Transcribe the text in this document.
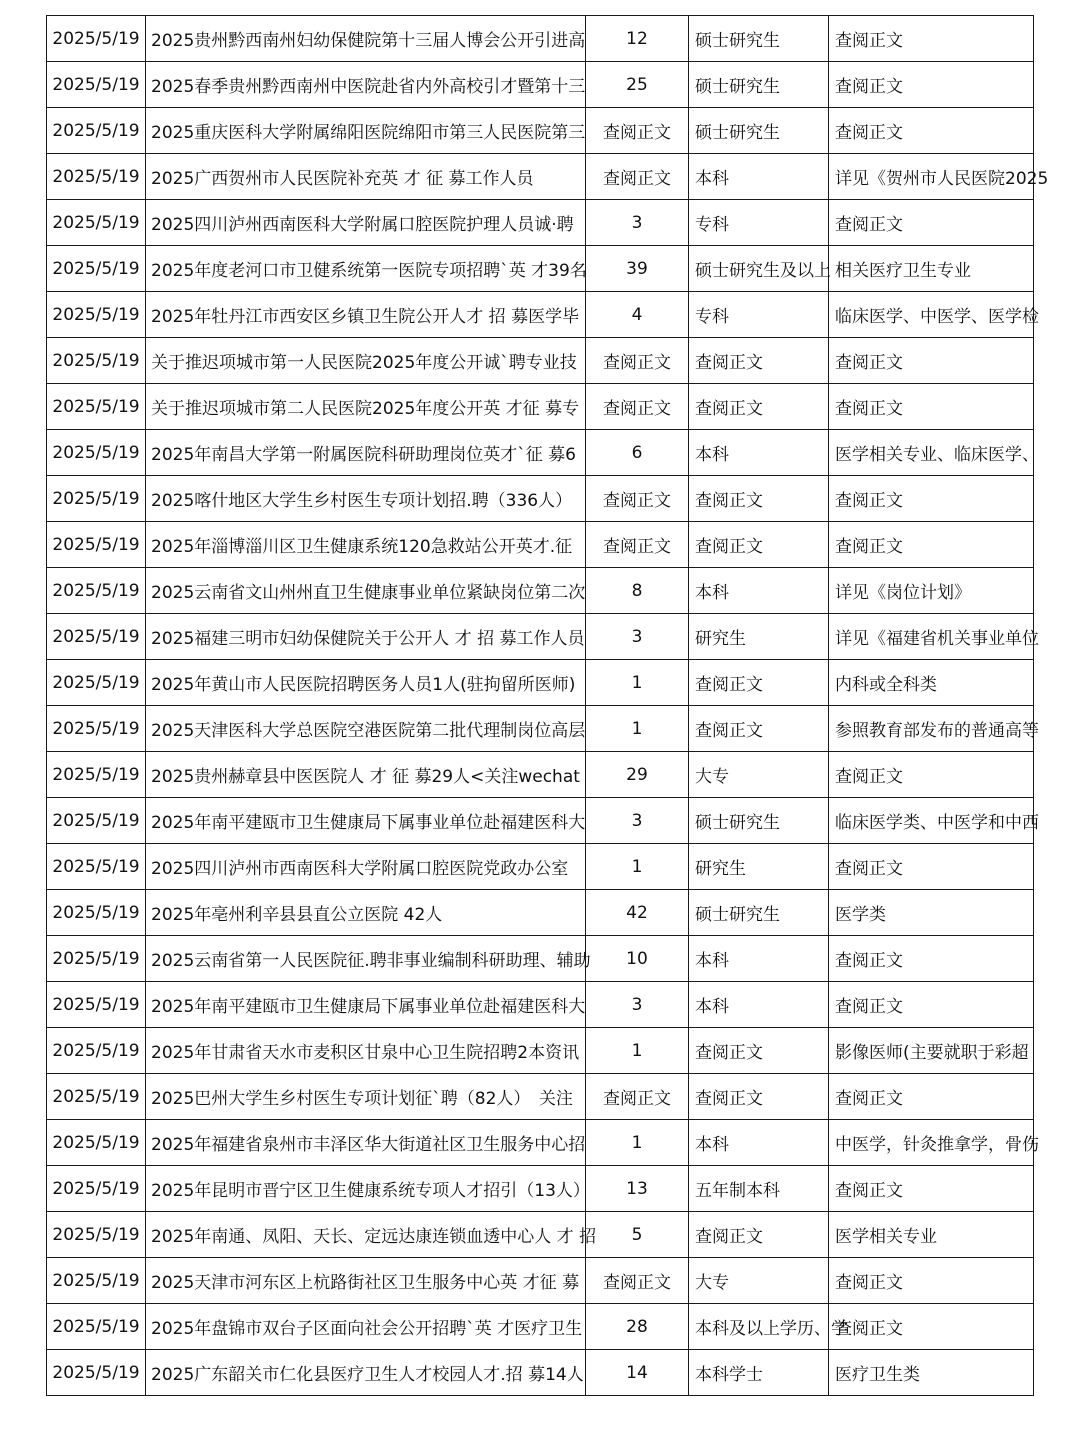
2025/5/19	2025贵州黔西南州妇幼保健院第十三届人博会公开引进高	12	硕士研究生	查阅正文
2025/5/19	2025春季贵州黔西南州中医院赴省内外高校引才暨第十三	25	硕士研究生	查阅正文
2025/5/19	2025重庆医科大学附属绵阳医院绵阳市第三人民医院第三	查阅正文	硕士研究生	查阅正文
2025/5/19	2025广西贺州市人民医院补充英 才 征 募工作人员	查阅正文	本科	详见《贺州市人民医院2025
2025/5/19	2025四川泸州西南医科大学附属口腔医院护理人员诚·聘	3	专科	查阅正文
2025/5/19	2025年度老河口市卫健系统第一医院专项招聘`英 才39名	39	硕士研究生及以上	相关医疗卫生专业
2025/5/19	2025年牡丹江市西安区乡镇卫生院公开人才 招 募医学毕	4	专科	临床医学、中医学、医学检
2025/5/19	关于推迟项城市第一人民医院2025年度公开诚`聘专业技	查阅正文	查阅正文	查阅正文
2025/5/19	关于推迟项城市第二人民医院2025年度公开英 才征 募专	查阅正文	查阅正文	查阅正文
2025/5/19	2025年南昌大学第一附属医院科研助理岗位英才`征 募6	6	本科	医学相关专业、临床医学、
2025/5/19	2025喀什地区大学生乡村医生专项计划招.聘（336人）	查阅正文	查阅正文	查阅正文
2025/5/19	2025年淄博淄川区卫生健康系统120急救站公开英才.征	查阅正文	查阅正文	查阅正文
2025/5/19	2025云南省文山州州直卫生健康事业单位紧缺岗位第二次	8	本科	详见《岗位计划》
2025/5/19	2025福建三明市妇幼保健院关于公开人 才 招 募工作人员	3	研究生	详见《福建省机关事业单位
2025/5/19	2025年黄山市人民医院招聘医务人员1人(驻拘留所医师)	1	查阅正文	内科或全科类
2025/5/19	2025天津医科大学总医院空港医院第二批代理制岗位高层	1	查阅正文	参照教育部发布的普通高等
2025/5/19	2025贵州赫章县中医医院人 才 征 募29人<关注wechat	29	大专	查阅正文
2025/5/19	2025年南平建瓯市卫生健康局下属事业单位赴福建医科大	3	硕士研究生	临床医学类、中医学和中西
2025/5/19	2025四川泸州市西南医科大学附属口腔医院党政办公室	1	研究生	查阅正文
2025/5/19	2025年亳州利辛县县直公立医院 42人	42	硕士研究生	医学类
2025/5/19	2025云南省第一人民医院征.聘非事业编制科研助理、辅助	10	本科	查阅正文
2025/5/19	2025年南平建瓯市卫生健康局下属事业单位赴福建医科大	3	本科	查阅正文
2025/5/19	2025年甘肃省天水市麦积区甘泉中心卫生院招聘2本资讯	1	查阅正文	影像医师(主要就职于彩超
2025/5/19	2025巴州大学生乡村医生专项计划征`聘（82人）　关注	查阅正文	查阅正文	查阅正文
2025/5/19	2025年福建省泉州市丰泽区华大街道社区卫生服务中心招	1	本科	中医学，针灸推拿学，骨伤
2025/5/19	2025年昆明市晋宁区卫生健康系统专项人才招引（13人）	13	五年制本科	查阅正文
2025/5/19	2025年南通、凤阳、天长、定远达康连锁血透中心人 才 招	5	查阅正文	医学相关专业
2025/5/19	2025天津市河东区上杭路街社区卫生服务中心英 才征 募	查阅正文	大专	查阅正文
2025/5/19	2025年盘锦市双台子区面向社会公开招聘`英 才医疗卫生	28	本科及以上学历、学	查阅正文
2025/5/19	2025广东韶关市仁化县医疗卫生人才校园人才.招 募14人	14	本科学士	医疗卫生类
